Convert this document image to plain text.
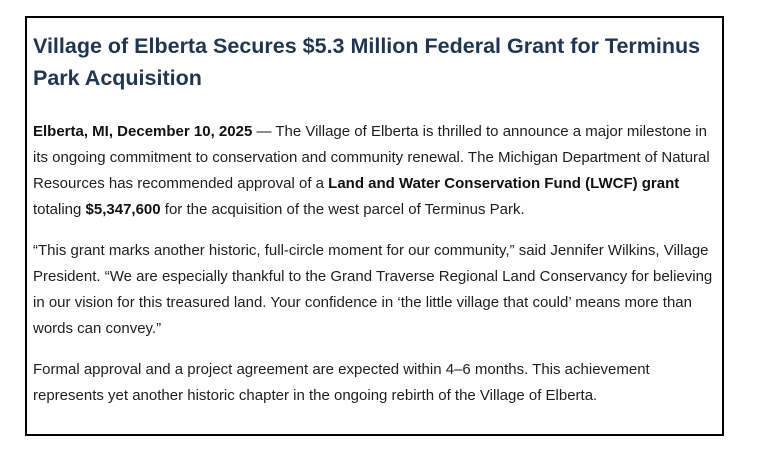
Village of Elberta Secures $5.3 Million Federal Grant for Terminus Park Acquisition

Elberta, MI, December 10, 2025 — The Village of Elberta is thrilled to announce a major milestone in its ongoing commitment to conservation and community renewal. The Michigan Department of Natural Resources has recommended approval of a Land and Water Conservation Fund (LWCF) grant totaling $5,347,600 for the acquisition of the west parcel of Terminus Park.

“This grant marks another historic, full-circle moment for our community,” said Jennifer Wilkins, Village President. “We are especially thankful to the Grand Traverse Regional Land Conservancy for believing in our vision for this treasured land. Your confidence in ‘the little village that could’ means more than words can convey.”

Formal approval and a project agreement are expected within 4–6 months. This achievement represents yet another historic chapter in the ongoing rebirth of the Village of Elberta.
